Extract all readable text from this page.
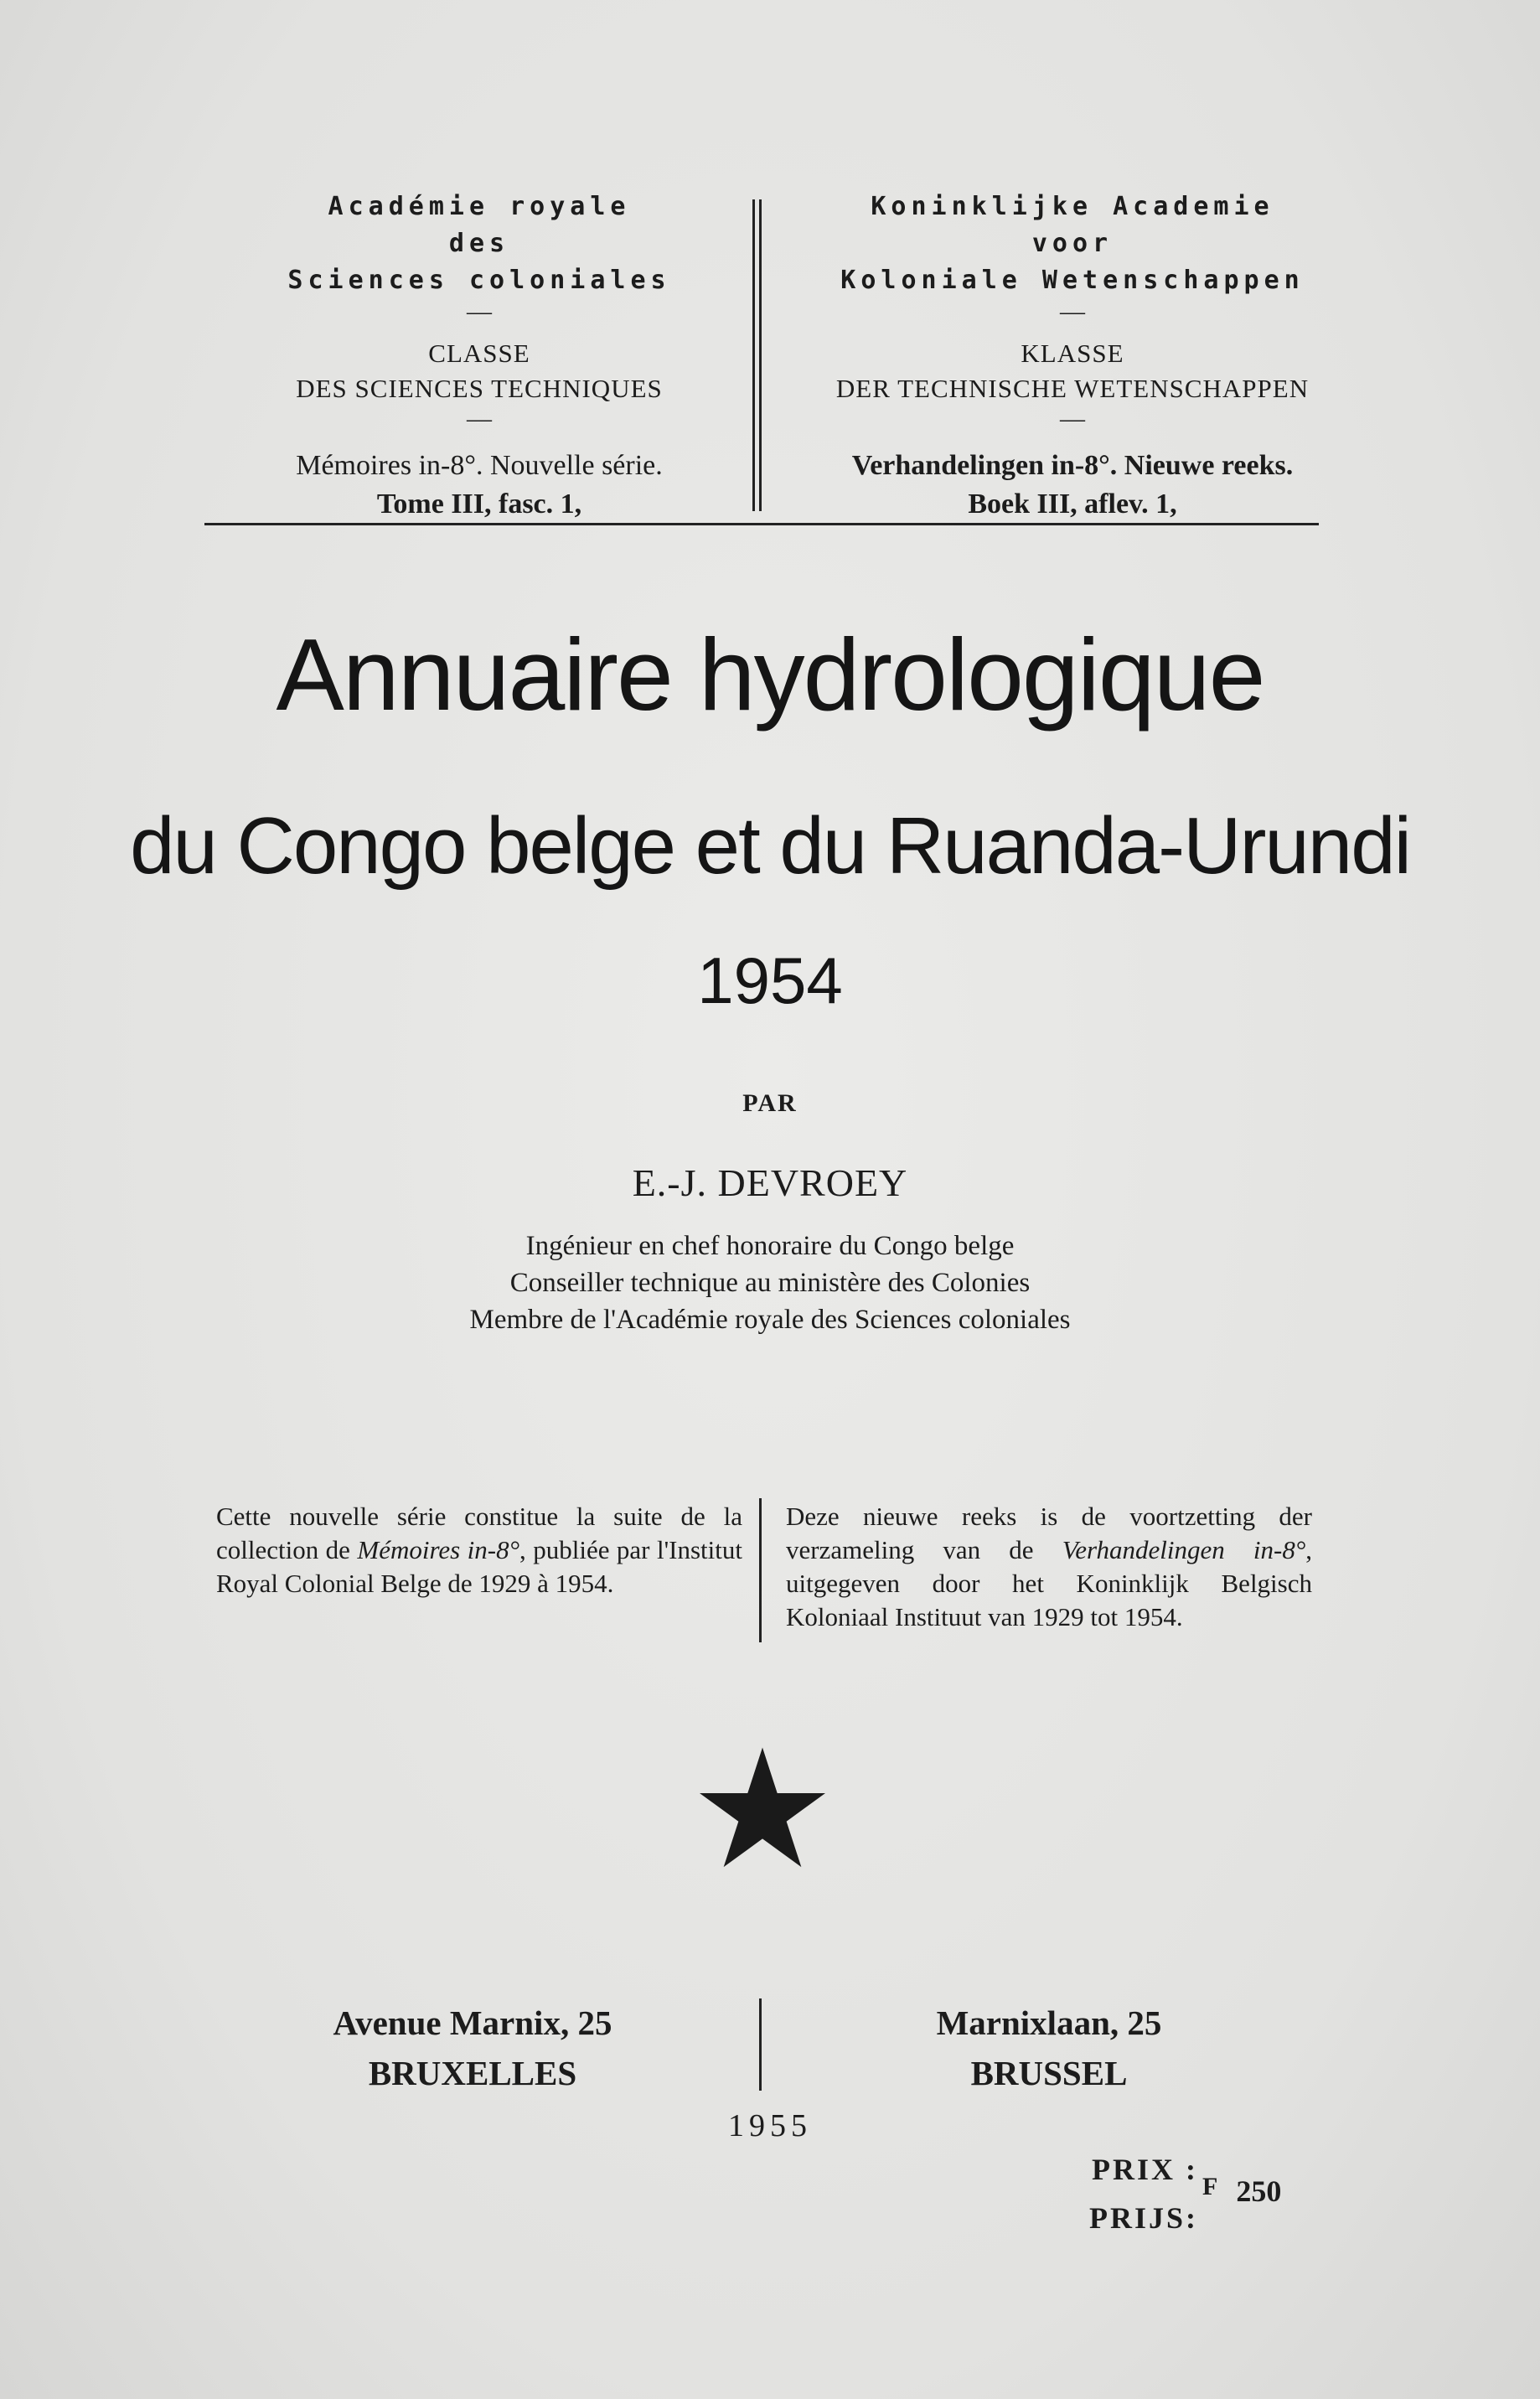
Académie royale
des
Sciences coloniales
—
CLASSE
DES SCIENCES TECHNIQUES
—
Mémoires in-8°. Nouvelle série.
Tome III, fasc. 1,
Koninklijke Academie
voor
Koloniale Wetenschappen
—
KLASSE
DER TECHNISCHE WETENSCHAPPEN
—
Verhandelingen in-8°. Nieuwe reeks.
Boek III, aflev. 1,
Annuaire hydrologique
du Congo belge et du Ruanda-Urundi
1954
PAR
E.-J. DEVROEY
Ingénieur en chef honoraire du Congo belge
Conseiller technique au ministère des Colonies
Membre de l'Académie royale des Sciences coloniales
Cette nouvelle série constitue la suite de la collection de Mémoires in-8°, publiée par l'Institut Royal Colonial Belge de 1929 à 1954.
Deze nieuwe reeks is de voortzetting der verzameling van de Verhandelingen in-8°, uitgegeven door het Koninklijk Belgisch Koloniaal Instituut van 1929 tot 1954.
Avenue Marnix, 25
BRUXELLES
Marnixlaan, 25
BRUSSEL
1955
PRIX :
PRIJS:
$^F$ 250
